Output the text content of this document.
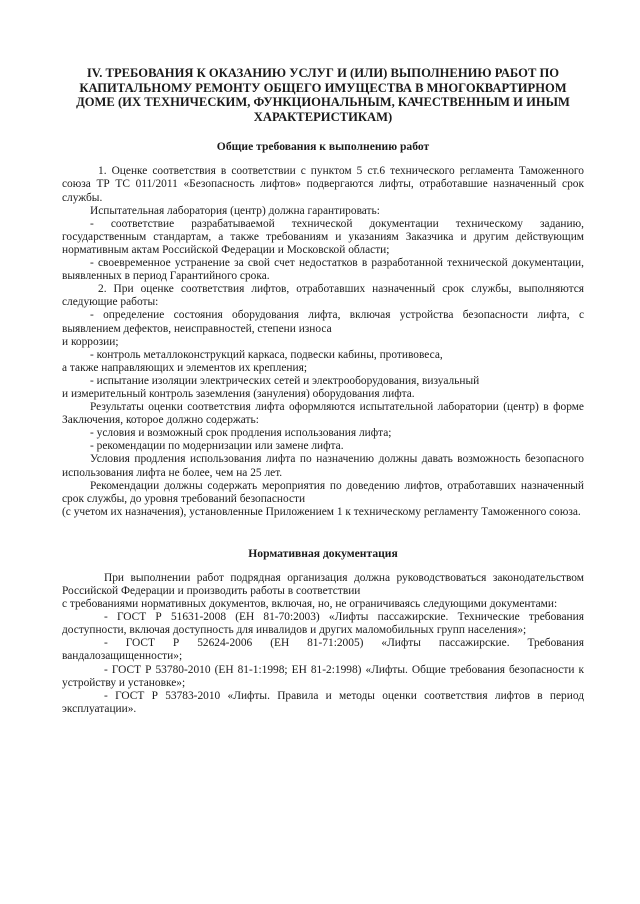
IV. ТРЕБОВАНИЯ К ОКАЗАНИЮ УСЛУГ И (ИЛИ) ВЫПОЛНЕНИЮ РАБОТ ПО КАПИТАЛЬНОМУ РЕМОНТУ ОБЩЕГО ИМУЩЕСТВА В МНОГОКВАРТИРНОМ ДОМЕ (ИХ ТЕХНИЧЕСКИМ, ФУНКЦИОНАЛЬНЫМ, КАЧЕСТВЕННЫМ И ИНЫМ ХАРАКТЕРИСТИКАМ)
Общие требования к выполнению работ

1. Оценке соответствия в соответствии с пунктом 5 ст.6 технического регламента Таможенного союза ТР ТС 011/2011 «Безопасность лифтов» подвергаются лифты, отработавшие назначенный срок службы.

Испытательная лаборатория (центр) должна гарантировать:

- соответствие разрабатываемой технической документации техническому заданию, государственным стандартам, а также требованиям и указаниям Заказчика и другим действующим нормативным актам Российской Федерации и Московской области;

- своевременное устранение за свой счет недостатков в разработанной технической документации, выявленных в период Гарантийного срока.

2. При оценке соответствия лифтов, отработавших назначенный срок службы, выполняются следующие работы:

- определение состояния оборудования лифта, включая устройства безопасности лифта, с выявлением дефектов, неисправностей, степени износа

и коррозии;

- контроль металлоконструкций каркаса, подвески кабины, противовеса,

а также направляющих и элементов их крепления;

- испытание изоляции электрических сетей и электрооборудования, визуальный

и измерительный контроль заземления (зануления) оборудования лифта.

Результаты оценки соответствия лифта оформляются испытательной лаборатории (центр) в форме Заключения, которое должно содержать:

- условия и возможный срок продления использования лифта;

- рекомендации по модернизации или замене лифта.

Условия продления использования лифта по назначению должны давать возможность безопасного использования лифта не более, чем на 25 лет.

Рекомендации должны содержать мероприятия по доведению лифтов, отработавших назначенный срок службы, до уровня требований безопасности

(с учетом их назначения), установленные Приложением 1 к техническому регламенту Таможенного союза.

Нормативная документация

При выполнении работ подрядная организация должна руководствоваться законодательством Российской Федерации и производить работы в соответствии

с требованиями нормативных документов, включая, но, не ограничиваясь следующими документами:

- ГОСТ Р 51631-2008 (ЕН 81-70:2003) «Лифты пассажирские. Технические требования доступности, включая доступность для инвалидов и других маломобильных групп населения»;

- ГОСТ Р 52624-2006 (ЕН 81-71:2005) «Лифты пассажирские. Требования вандалозащищенности»;

- ГОСТ Р 53780-2010 (ЕН 81-1:1998; ЕН 81-2:1998) «Лифты. Общие требования безопасности к устройству и установке»;

- ГОСТ Р 53783-2010 «Лифты. Правила и методы оценки соответствия лифтов в период эксплуатации».
